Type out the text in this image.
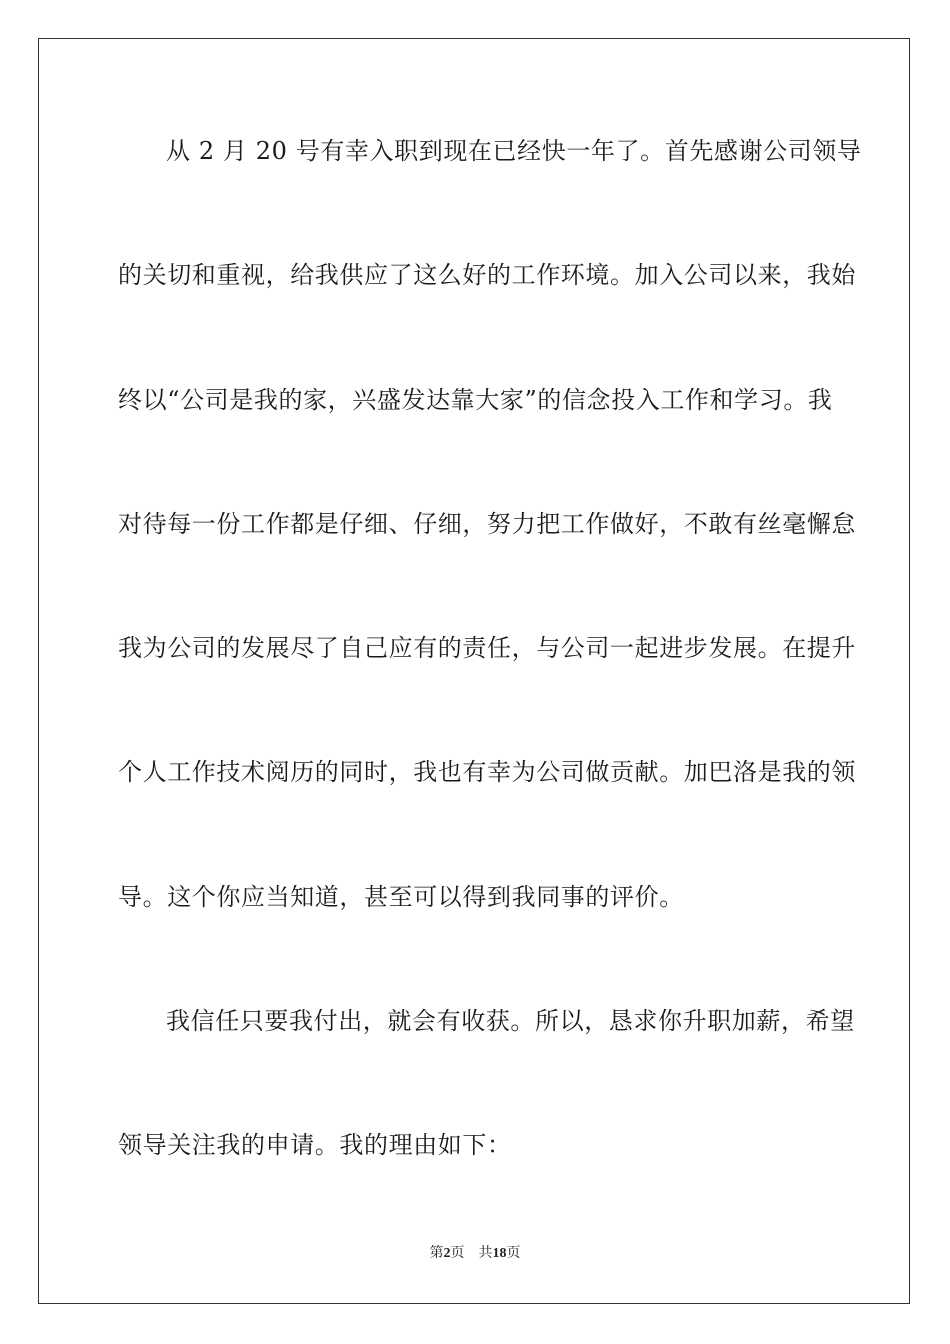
从 2 月 20 号有幸入职到现在已经快一年了。首先感谢公司领导
的关切和重视，给我供应了这么好的工作环境。加入公司以来，我始
终以“公司是我的家，兴盛发达靠大家”的信念投入工作和学习。我
对待每一份工作都是仔细、仔细，努力把工作做好，不敢有丝毫懈怠
我为公司的发展尽了自己应有的责任，与公司一起进步发展。在提升
个人工作技术阅历的同时，我也有幸为公司做贡献。加巴洛是我的领
导。这个你应当知道，甚至可以得到我同事的评价。
我信任只要我付出，就会有收获。所以，恳求你升职加薪，希望
领导关注我的申请。我的理由如下：
第2页 共18页
